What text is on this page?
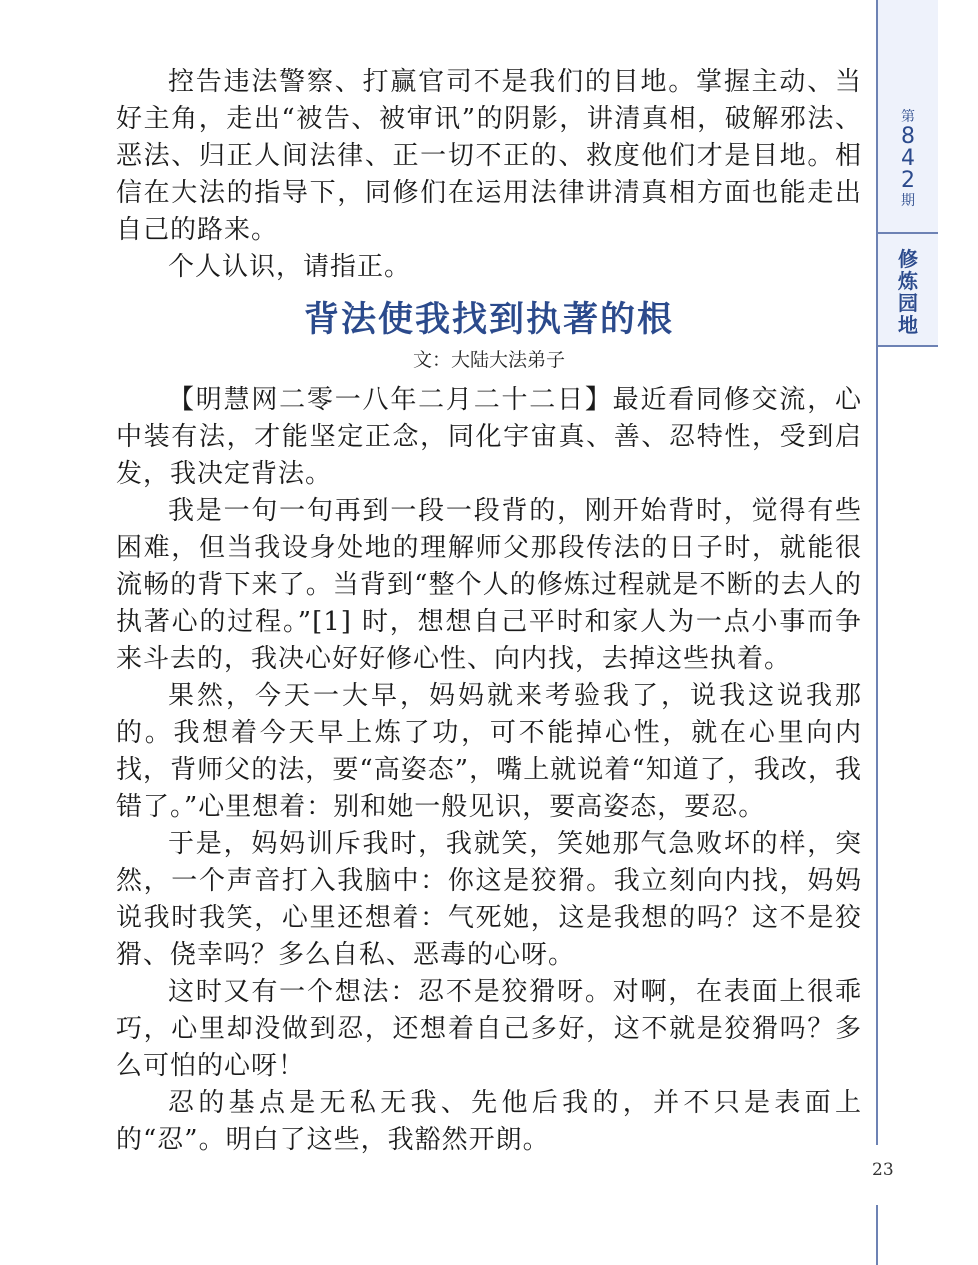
第
8
4
2
期
修
炼
园
地

控告违法警察、打赢官司不是我们的目地。掌握主动、当好主角，走出“被告、被审讯”的阴影，讲清真相，破解邪法、恶法、归正人间法律、正一切不正的、救度他们才是目地。相信在大法的指导下，同修们在运用法律讲清真相方面也能走出自己的路来。

个人认识，请指正。

背法使我找到执著的根
文：大陆大法弟子

【明慧网二零一八年二月二十二日】最近看同修交流，心中装有法，才能坚定正念，同化宇宙真、善、忍特性，受到启发，我决定背法。

我是一句一句再到一段一段背的，刚开始背时，觉得有些困难，但当我设身处地的理解师父那段传法的日子时，就能很流畅的背下来了。当背到“整个人的修炼过程就是不断的去人的执著心的过程。”[1] 时，想想自己平时和家人为一点小事而争来斗去的，我决心好好修心性、向内找，去掉这些执着。

果然，今天一大早，妈妈就来考验我了，说我这说我那的。我想着今天早上炼了功，可不能掉心性，就在心里向内找，背师父的法，要“高姿态”，嘴上就说着“知道了，我改，我错了。”心里想着：别和她一般见识，要高姿态，要忍。

于是，妈妈训斥我时，我就笑，笑她那气急败坏的样，突然，一个声音打入我脑中：你这是狡猾。我立刻向内找，妈妈说我时我笑，心里还想着：气死她，这是我想的吗？这不是狡猾、侥幸吗？多么自私、恶毒的心呀。

这时又有一个想法：忍不是狡猾呀。对啊，在表面上很乖巧，心里却没做到忍，还想着自己多好，这不就是狡猾吗？多么可怕的心呀！

忍的基点是无私无我、先他后我的，并不只是表面上的“忍”。明白了这些，我豁然开朗。

23
